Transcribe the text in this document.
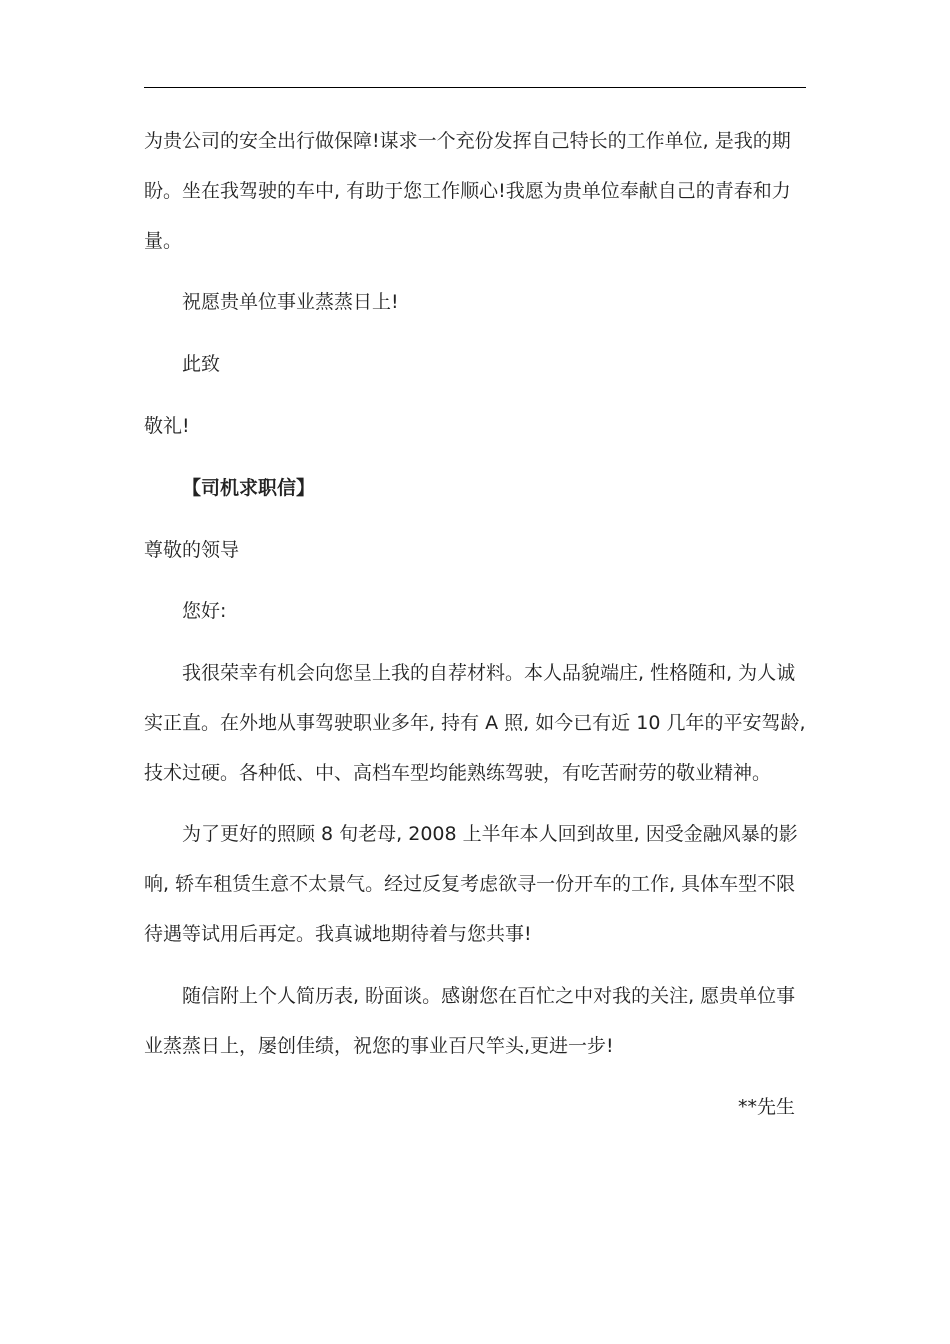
为贵公司的安全出行做保障!谋求一个充份发挥自己特长的工作单位, 是我的期
盼。坐在我驾驶的车中, 有助于您工作顺心!我愿为贵单位奉献自己的青春和力
量。
祝愿贵单位事业蒸蒸日上!
此致
敬礼!
【司机求职信】
尊敬的领导
您好:
我很荣幸有机会向您呈上我的自荐材料。本人品貌端庄, 性格随和, 为人诚
实正直。在外地从事驾驶职业多年, 持有 A 照, 如今已有近 10 几年的平安驾龄,
技术过硬。各种低、中、高档车型均能熟练驾驶，有吃苦耐劳的敬业精神。
为了更好的照顾 8 旬老母, 2008 上半年本人回到故里, 因受金融风暴的影
响, 轿车租赁生意不太景气。经过反复考虑欲寻一份开车的工作, 具体车型不限
待遇等试用后再定。我真诚地期待着与您共事!
随信附上个人简历表, 盼面谈。感谢您在百忙之中对我的关注, 愿贵单位事
业蒸蒸日上，屡创佳绩，祝您的事业百尺竿头,更进一步!
**先生
